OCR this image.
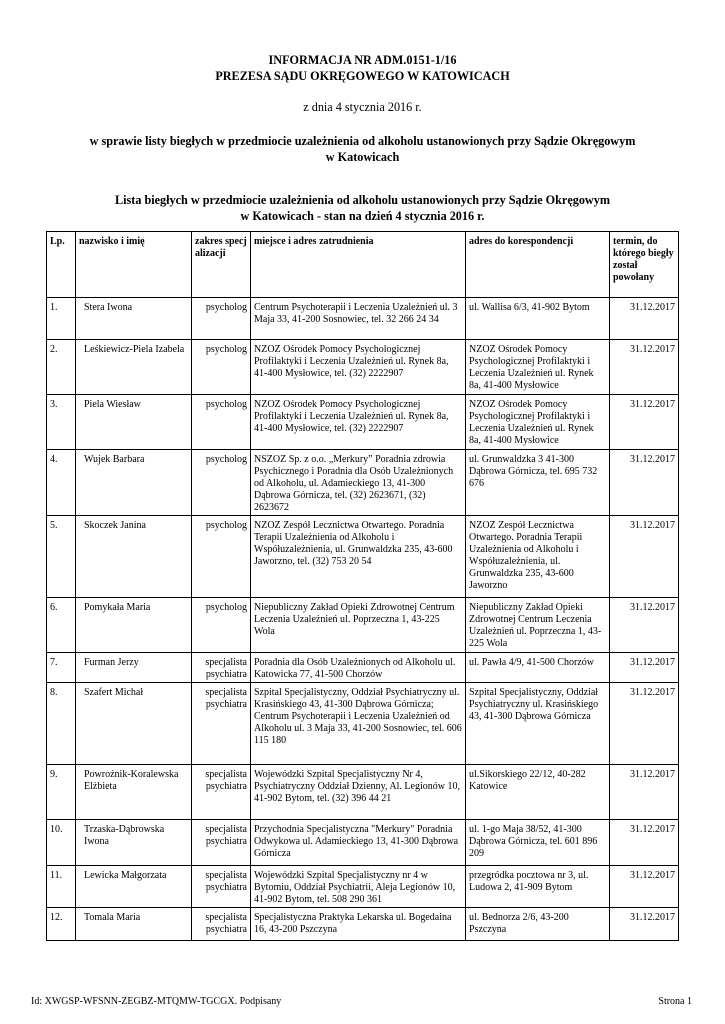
INFORMACJA NR ADM.0151-1/16
PREZESA SĄDU OKRĘGOWEGO W KATOWICACH
z dnia 4 stycznia 2016 r.
w sprawie listy biegłych w przedmiocie uzależnienia od alkoholu ustanowionych przy Sądzie Okręgowym
w Katowicach
Lista biegłych w przedmiocie uzależnienia od alkoholu ustanowionych przy Sądzie Okręgowym
w Katowicach - stan na dzień 4 stycznia 2016 r.
Lp.	nazwisko i imię	zakres specjalizacji	miejsce i adres zatrudnienia	adres do korespondencji	termin, do którego biegły został powołany
1.	Stera Iwona	psycholog	Centrum Psychoterapii i Leczenia Uzależnień ul. 3 Maja 33, 41-200 Sosnowiec, tel. 32 266 24 34	ul. Wallisa 6/3, 41-902 Bytom	31.12.2017
2.	Leśkiewicz-Piela Izabela	psycholog	NZOZ Ośrodek Pomocy Psychologicznej Profilaktyki i Leczenia Uzależnień ul. Rynek 8a, 41-400 Mysłowice, tel. (32) 2222907	NZOZ Ośrodek Pomocy Psychologicznej Profilaktyki i Leczenia Uzależnień ul. Rynek 8a, 41-400 Mysłowice	31.12.2017
3.	Piela Wiesław	psycholog	NZOZ Ośrodek Pomocy Psychologicznej Profilaktyki i Leczenia Uzależnień ul. Rynek 8a, 41-400 Mysłowice, tel. (32) 2222907	NZOZ Ośrodek Pomocy Psychologicznej Profilaktyki i Leczenia Uzależnień ul. Rynek 8a, 41-400 Mysłowice	31.12.2017
4.	Wujek Barbara	psycholog	NSZOZ Sp. z o.o. „Merkury” Poradnia zdrowia Psychicznego i Poradnia dla Osób Uzależnionych od Alkoholu, ul. Adamieckiego 13, 41-300 Dąbrowa Górnicza, tel. (32) 2623671, (32) 2623672	ul. Grunwaldzka 3 41-300 Dąbrowa Górnicza, tel. 695 732 676	31.12.2017
5.	Skoczek Janina	psycholog	NZOZ Zespół Lecznictwa Otwartego. Poradnia Terapii Uzależnienia od Alkoholu i Współuzależnienia, ul. Grunwaldzka 235, 43-600 Jaworzno, tel. (32) 753 20 54	NZOZ Zespół Lecznictwa Otwartego. Poradnia Terapii Uzależnienia od Alkoholu i Współuzależnienia, ul. Grunwaldzka 235, 43-600 Jaworzno	31.12.2017
6.	Pomykała Maria	psycholog	Niepubliczny Zakład Opieki Zdrowotnej Centrum Leczenia Uzależnień ul. Poprzeczna 1, 43-225 Wola	Niepubliczny Zakład Opieki Zdrowotnej Centrum Leczenia Uzależnień ul. Poprzeczna 1, 43-225 Wola	31.12.2017
7.	Furman Jerzy	specjalista psychiatra	Poradnia dla Osób Uzależnionych od Alkoholu ul. Katowicka 77, 41-500 Chorzów	ul. Pawła 4/9, 41-500 Chorzów	31.12.2017
8.	Szafert Michał	specjalista psychiatra	Szpital Specjalistyczny, Oddział Psychiatryczny ul. Krasińskiego 43, 41-300 Dąbrowa Górnicza; Centrum Psychoterapii i Leczenia Uzależnień od Alkoholu ul. 3 Maja 33, 41-200 Sosnowiec, tel. 606 115 180	Szpital Specjalistyczny, Oddział Psychiatryczny ul. Krasińskiego 43, 41-300 Dąbrowa Górnicza	31.12.2017
9.	Powroźnik-Koralewska Elżbieta	specjalista psychiatra	Wojewódzki Szpital Specjalistyczny Nr 4, Psychiatryczny Oddział Dzienny, Al. Legionów 10, 41-902 Bytom, tel. (32) 396 44 21	ul.Sikorskiego 22/12, 40-282 Katowice	31.12.2017
10.	Trzaska-Dąbrowska Iwona	specjalista psychiatra	Przychodnia Specjalistyczna "Merkury" Poradnia Odwykowa ul. Adamieckiego 13, 41-300 Dąbrowa Górnicza	ul. 1-go Maja 38/52, 41-300 Dąbrowa Górnicza, tel. 601 896 209	31.12.2017
11.	Lewicka Małgorzata	specjalista psychiatra	Wojewódzki Szpital Specjalistyczny nr 4 w Bytomiu, Oddział Psychiatrii, Aleja Legionów 10, 41-902 Bytom, tel. 508 290 361	przegródka pocztowa nr 3, ul. Ludowa 2, 41-909 Bytom	31.12.2017
12.	Tomala Maria	specjalista psychiatra	Specjalistyczna Praktyka Lekarska ul. Bogedaina 16, 43-200 Pszczyna	ul. Bednorza 2/6, 43-200 Pszczyna	31.12.2017
Id: XWGSP-WFSNN-ZEGBZ-MTQMW-TGCGX. Podpisany	Strona 1
